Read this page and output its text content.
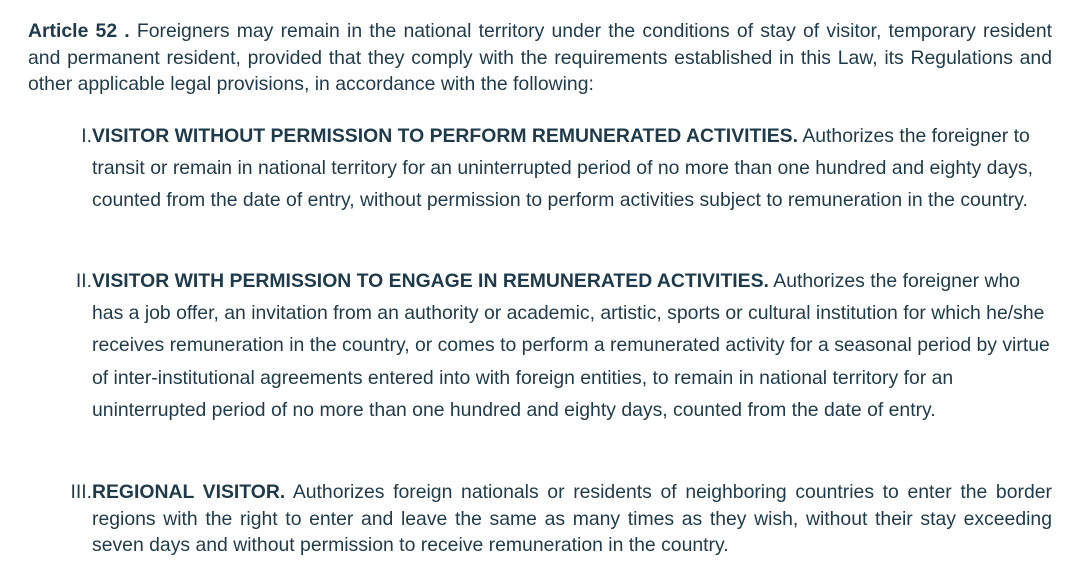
Article 52 . Foreigners may remain in the national territory under the conditions of stay of visitor, temporary resident and permanent resident, provided that they comply with the requirements established in this Law, its Regulations and other applicable legal provisions, in accordance with the following:

I. VISITOR WITHOUT PERMISSION TO PERFORM REMUNERATED ACTIVITIES. Authorizes the foreigner to transit or remain in national territory for an uninterrupted period of no more than one hundred and eighty days, counted from the date of entry, without permission to perform activities subject to remuneration in the country.

II. VISITOR WITH PERMISSION TO ENGAGE IN REMUNERATED ACTIVITIES. Authorizes the foreigner who has a job offer, an invitation from an authority or academic, artistic, sports or cultural institution for which he/she receives remuneration in the country, or comes to perform a remunerated activity for a seasonal period by virtue of inter-institutional agreements entered into with foreign entities, to remain in national territory for an uninterrupted period of no more than one hundred and eighty days, counted from the date of entry.

III. REGIONAL VISITOR. Authorizes foreign nationals or residents of neighboring countries to enter the border regions with the right to enter and leave the same as many times as they wish, without their stay exceeding seven days and without permission to receive remuneration in the country.
